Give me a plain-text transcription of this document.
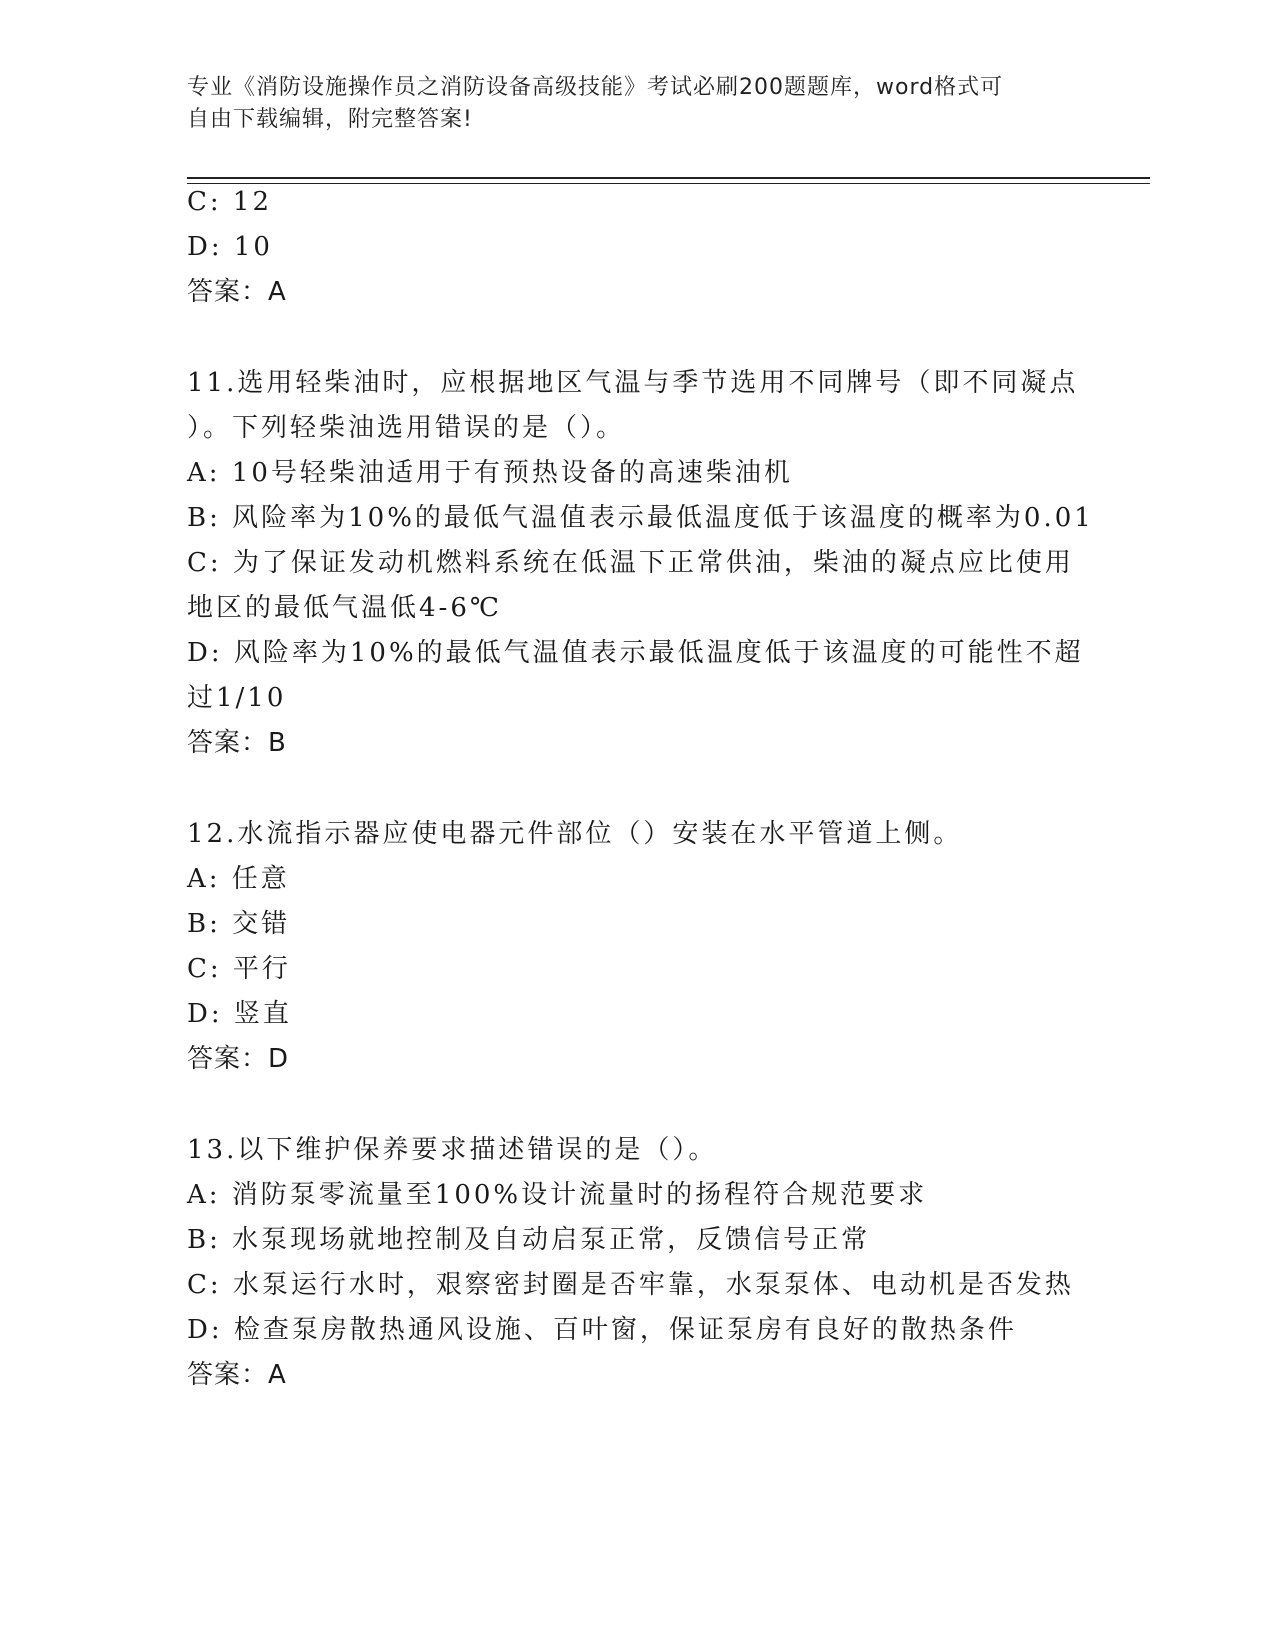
专业《消防设施操作员之消防设备高级技能》考试必刷200题题库，word格式可
自由下载编辑，附完整答案!
C: 12
D: 10
答案：A
11.选用轻柴油时，应根据地区气温与季节选用不同牌号（即不同凝点
）。下列轻柴油选用错误的是（）。
A: 10号轻柴油适用于有预热设备的高速柴油机
B: 风险率为10%的最低气温值表示最低温度低于该温度的概率为0.01
C: 为了保证发动机燃料系统在低温下正常供油，柴油的凝点应比使用
地区的最低气温低4-6℃
D: 风险率为10%的最低气温值表示最低温度低于该温度的可能性不超
过1/10
答案：B
12.水流指示器应使电器元件部位（）安装在水平管道上侧。
A: 任意
B: 交错
C: 平行
D: 竖直
答案：D
13.以下维护保养要求描述错误的是（）。
A: 消防泵零流量至100%设计流量时的扬程符合规范要求
B: 水泵现场就地控制及自动启泵正常，反馈信号正常
C: 水泵运行水时，艰察密封圈是否牢靠，水泵泵体、电动机是否发热
D: 检查泵房散热通风设施、百叶窗，保证泵房有良好的散热条件
答案：A
